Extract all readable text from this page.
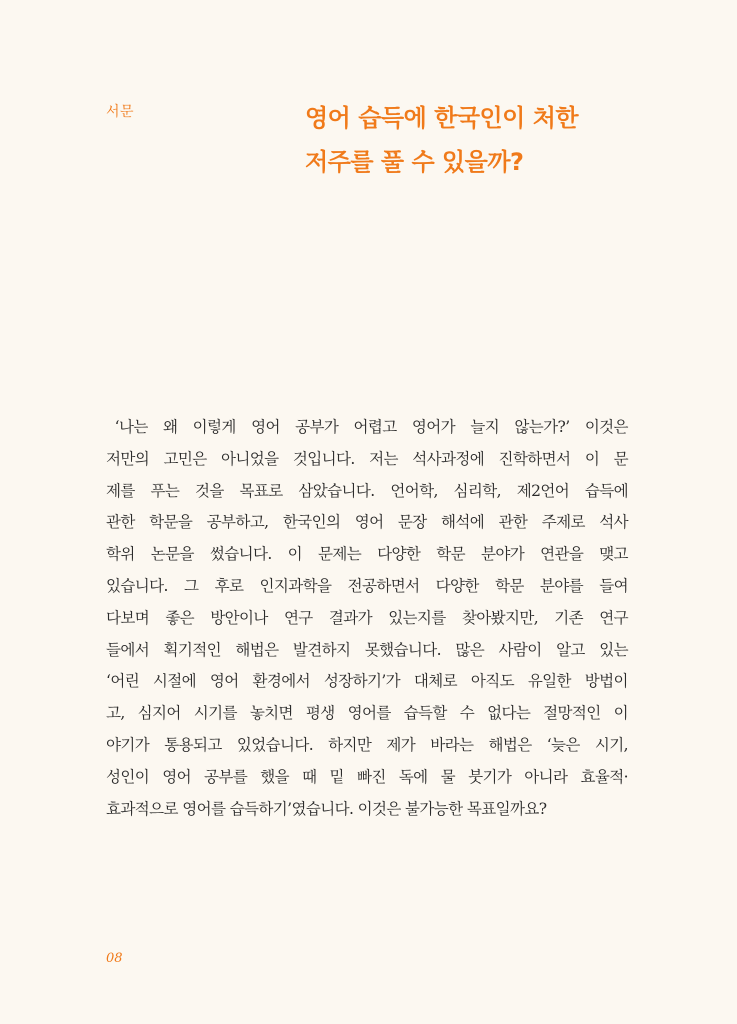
서문	영어 습득에 한국인이 처한
저주를 풀 수 있을까?
‘나는 왜 이렇게 영어 공부가 어렵고 영어가 늘지 않는가?’ 이것은
저만의 고민은 아니었을 것입니다. 저는 석사과정에 진학하면서 이 문
제를 푸는 것을 목표로 삼았습니다. 언어학, 심리학, 제2언어 습득에
관한 학문을 공부하고, 한국인의 영어 문장 해석에 관한 주제로 석사
학위 논문을 썼습니다. 이 문제는 다양한 학문 분야가 연관을 맺고
있습니다. 그 후로 인지과학을 전공하면서 다양한 학문 분야를 들여
다보며 좋은 방안이나 연구 결과가 있는지를 찾아봤지만, 기존 연구
들에서 획기적인 해법은 발견하지 못했습니다. 많은 사람이 알고 있는
‘어린 시절에 영어 환경에서 성장하기’가 대체로 아직도 유일한 방법이
고, 심지어 시기를 놓치면 평생 영어를 습득할 수 없다는 절망적인 이
야기가 통용되고 있었습니다. 하지만 제가 바라는 해법은 ‘늦은 시기,
성인이 영어 공부를 했을 때 밑 빠진 독에 물 붓기가 아니라 효율적·
효과적으로 영어를 습득하기’였습니다. 이것은 불가능한 목표일까요?
08
